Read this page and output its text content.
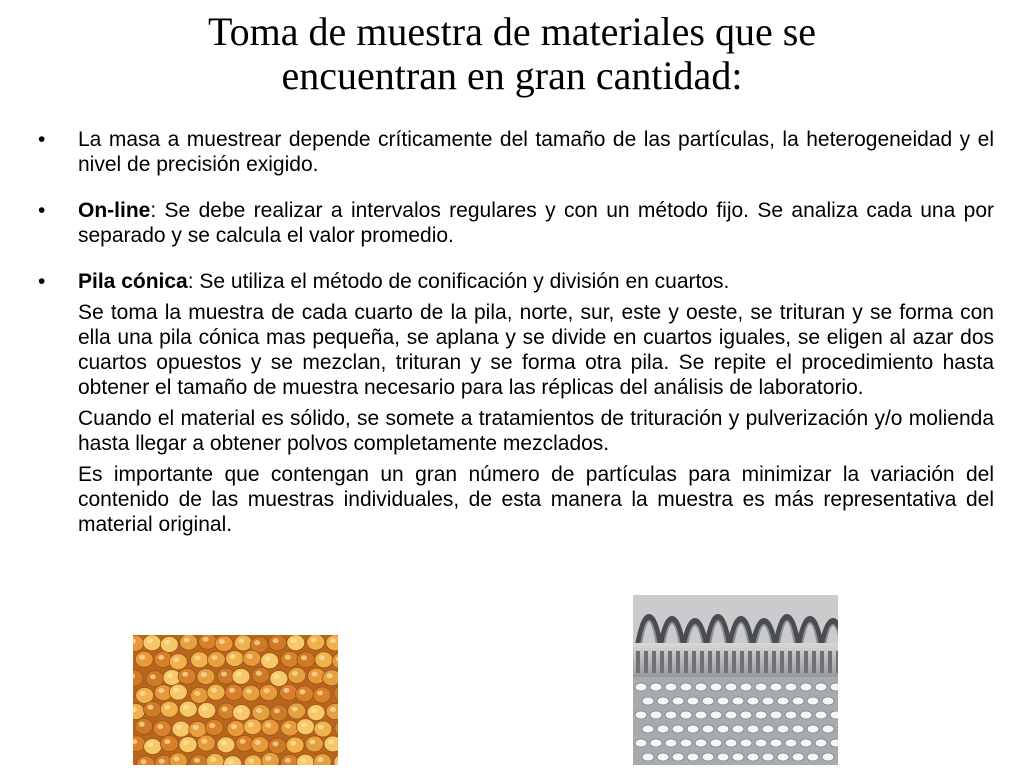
Toma de muestra de materiales que se
encuentran en gran cantidad:

• La masa a muestrear depende críticamente del tamaño de las partículas, la heterogeneidad y el nivel de precisión exigido.

• On-line: Se debe realizar a intervalos regulares y con un método fijo. Se analiza cada una por separado y se calcula el valor promedio.

• Pila cónica: Se utiliza el método de conificación y división en cuartos.

Se toma la muestra de cada cuarto de la pila, norte, sur, este y oeste, se trituran y se forma con ella una pila cónica mas pequeña, se aplana y se divide en cuartos iguales, se eligen al azar dos cuartos opuestos y se mezclan, trituran y se forma otra pila. Se repite el procedimiento hasta obtener el tamaño de muestra necesario para las réplicas del análisis de laboratorio.

Cuando el material es sólido, se somete a tratamientos de trituración y pulverización y/o molienda hasta llegar a obtener polvos completamente mezclados.

Es importante que contengan un gran número de partículas para minimizar la variación del contenido de las muestras individuales, de esta manera la muestra es más representativa del material original.
